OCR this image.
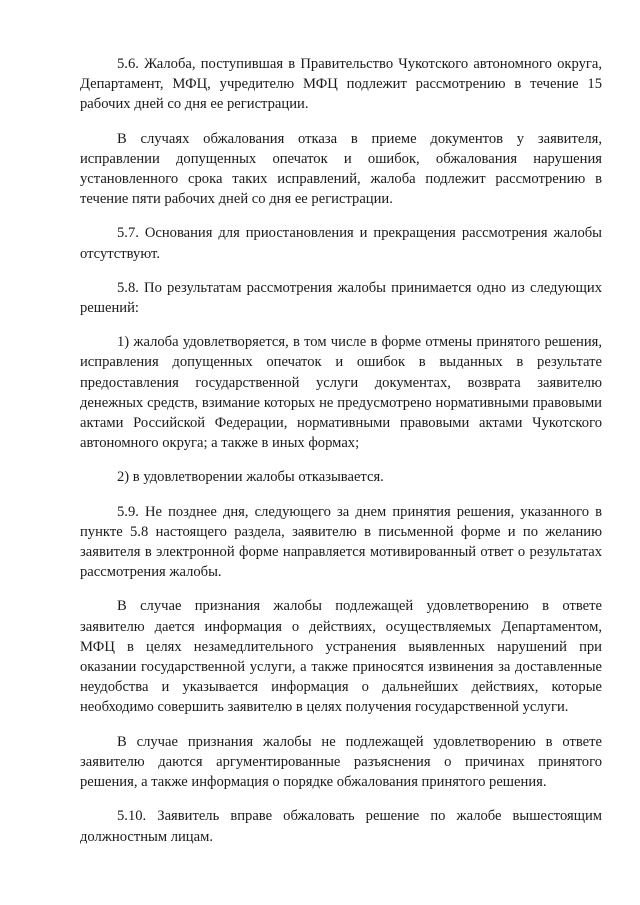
5.6. Жалоба, поступившая в Правительство Чукотского автономного округа, Департамент, МФЦ, учредителю МФЦ подлежит рассмотрению в течение 15 рабочих дней со дня ее регистрации.

В случаях обжалования отказа в приеме документов у заявителя, исправлении допущенных опечаток и ошибок, обжалования нарушения установленного срока таких исправлений, жалоба подлежит рассмотрению в течение пяти рабочих дней со дня ее регистрации.

5.7. Основания для приостановления и прекращения рассмотрения жалобы отсутствуют.

5.8. По результатам рассмотрения жалобы принимается одно из следующих решений:

1) жалоба удовлетворяется, в том числе в форме отмены принятого решения, исправления допущенных опечаток и ошибок в выданных в результате предоставления государственной услуги документах, возврата заявителю денежных средств, взимание которых не предусмотрено нормативными правовыми актами Российской Федерации, нормативными правовыми актами Чукотского автономного округа; а также в иных формах;

2) в удовлетворении жалобы отказывается.

5.9. Не позднее дня, следующего за днем принятия решения, указанного в пункте 5.8 настоящего раздела, заявителю в письменной форме и по желанию заявителя в электронной форме направляется мотивированный ответ о результатах рассмотрения жалобы.

В случае признания жалобы подлежащей удовлетворению в ответе заявителю дается информация о действиях, осуществляемых Департаментом, МФЦ в целях незамедлительного устранения выявленных нарушений при оказании государственной услуги, а также приносятся извинения за доставленные неудобства и указывается информация о дальнейших действиях, которые необходимо совершить заявителю в целях получения государственной услуги.

В случае признания жалобы не подлежащей удовлетворению в ответе заявителю даются аргументированные разъяснения о причинах принятого решения, а также информация о порядке обжалования принятого решения.

5.10. Заявитель вправе обжаловать решение по жалобе вышестоящим должностным лицам.
